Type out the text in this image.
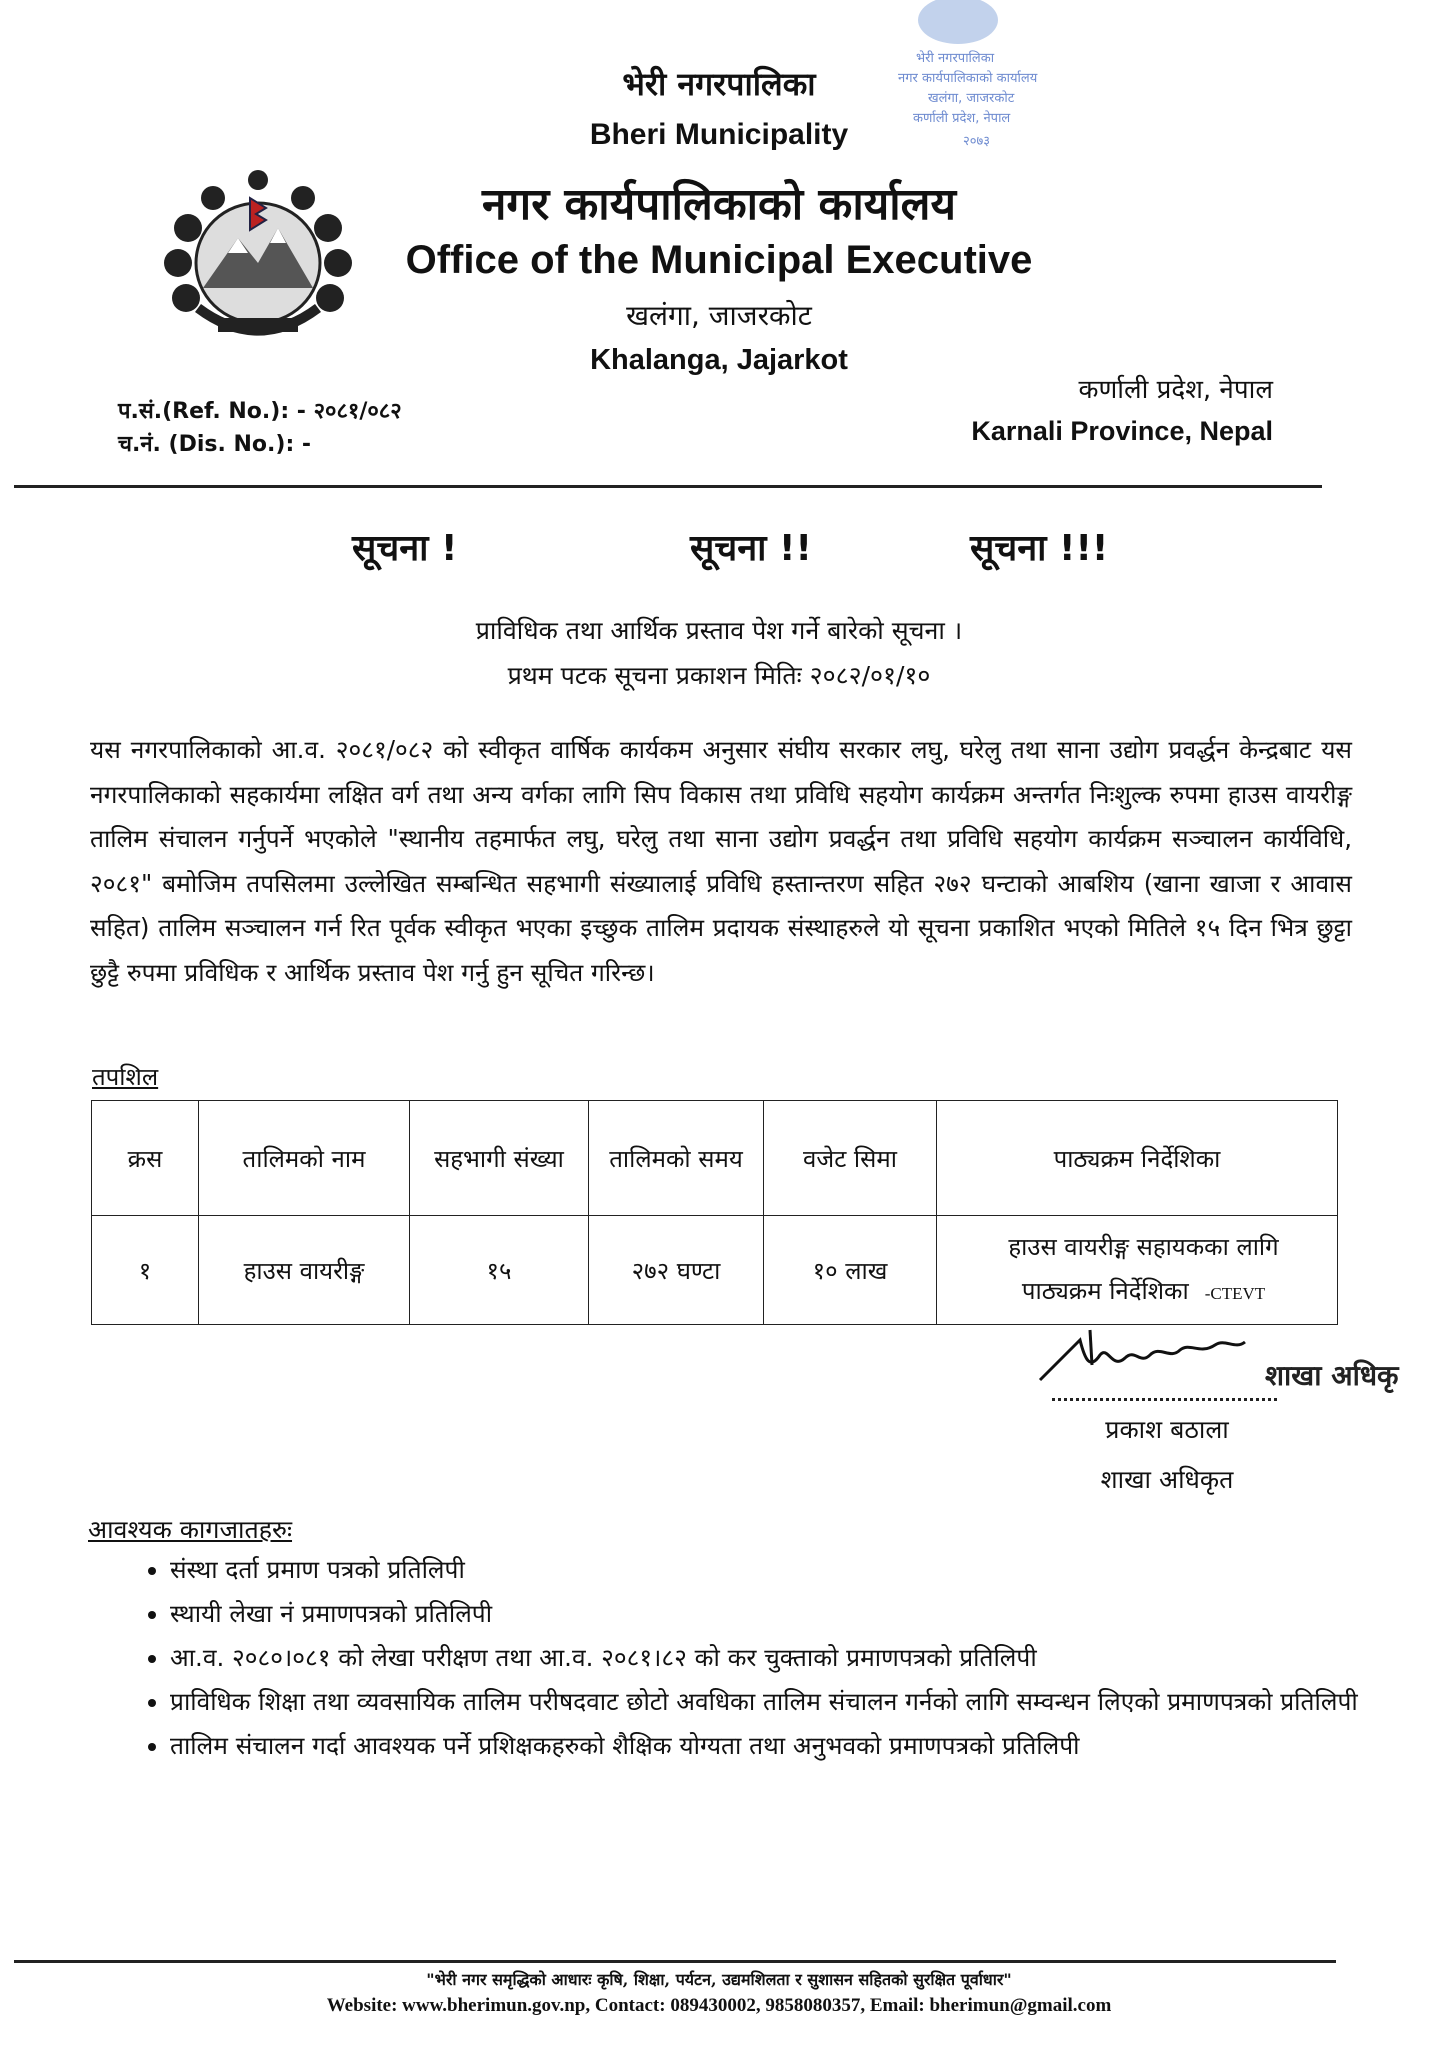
भेरी नगरपालिका
नगर कार्यपालिकाको कार्यालय
खलंगा, जाजरकोट
कर्णाली प्रदेश, नेपाल
२०७३
भेरी नगरपालिका
Bheri Municipality
नगर कार्यपालिकाको कार्यालय
Office of the Municipal Executive
खलंगा, जाजरकोट
Khalanga, Jajarkot
प.सं.(Ref. No.): - २०८१/०८२
च.नं. (Dis. No.): -
कर्णाली प्रदेश, नेपाल
Karnali Province, Nepal
सूचना !	सूचना !!	सूचना !!!
प्राविधिक तथा आर्थिक प्रस्ताव पेश गर्ने बारेको सूचना ।
प्रथम पटक सूचना प्रकाशन मितिः २०८२/०१/१०
यस नगरपालिकाको आ.व. २०८१/०८२ को स्वीकृत वार्षिक कार्यकम अनुसार संघीय सरकार लघु, घरेलु तथा साना उद्योग प्रवर्द्धन केन्द्रबाट यस नगरपालिकाको सहकार्यमा लक्षित वर्ग तथा अन्य वर्गका लागि सिप विकास तथा प्रविधि सहयोग कार्यक्रम अन्तर्गत निःशुल्क रुपमा हाउस वायरीङ्ग तालिम संचालन गर्नुपर्ने भएकोले "स्थानीय तहमार्फत लघु, घरेलु तथा साना उद्योग प्रवर्द्धन तथा प्रविधि सहयोग कार्यक्रम सञ्चालन कार्यविधि, २०८१" बमोजिम तपसिलमा उल्लेखित सम्बन्धित सहभागी संख्यालाई प्रविधि हस्तान्तरण सहित २७२ घन्टाको आबशिय (खाना खाजा र आवास सहित) तालिम सञ्चालन गर्न रित पूर्वक स्वीकृत भएका इच्छुक तालिम प्रदायक संस्थाहरुले यो सूचना प्रकाशित भएको मितिले १५ दिन भित्र छुट्टा छुट्टै रुपमा प्रविधिक र आर्थिक प्रस्ताव पेश गर्नु हुन सूचित गरिन्छ।
तपशिल
क्रस	तालिमको नाम	सहभागी संख्या	तालिमको समय	वजेट सिमा	पाठ्यक्रम निर्देशिका
१	हाउस वायरीङ्ग	१५	२७२ घण्टा	१० लाख	हाउस वायरीङ्ग सहायकका लागि
पाठ्यक्रम निर्देशिका -CTEVT
शाखा अधिकृ
प्रकाश बठाला
शाखा अधिकृत
आवश्यक कागजातहरुः
• संस्था दर्ता प्रमाण पत्रको प्रतिलिपी
• स्थायी लेखा नं प्रमाणपत्रको प्रतिलिपी
• आ.व. २०८०।०८१ को लेखा परीक्षण तथा आ.व. २०८१।८२ को कर चुक्ताको प्रमाणपत्रको प्रतिलिपी
• प्राविधिक शिक्षा तथा व्यवसायिक तालिम परीषदवाट छोटो अवधिका तालिम संचालन गर्नको लागि सम्वन्धन लिएको प्रमाणपत्रको प्रतिलिपी
• तालिम संचालन गर्दा आवश्यक पर्ने प्रशिक्षकहरुको शैक्षिक योग्यता तथा अनुभवको प्रमाणपत्रको प्रतिलिपी
"भेरी नगर समृद्धिको आधारः कृषि, शिक्षा, पर्यटन, उद्यमशिलता र सुशासन सहितको सुरक्षित पूर्वाधार"
Website: www.bherimun.gov.np, Contact: 089430002, 9858080357, Email: bherimun@gmail.com
